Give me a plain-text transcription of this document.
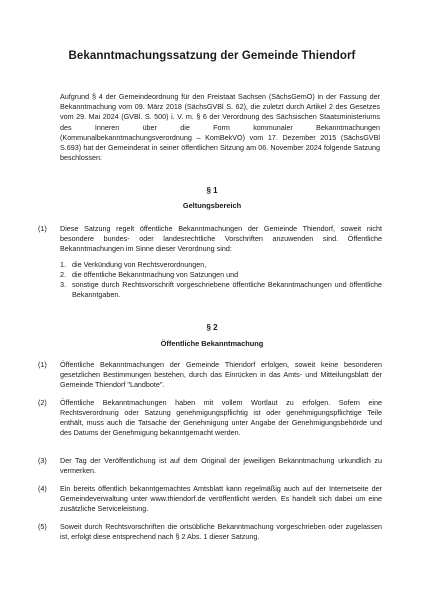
Bekanntmachungssatzung der Gemeinde Thiendorf
Aufgrund § 4 der Gemeindeordnung für den Freistaat Sachsen (SächsGemO) in der Fassung der Bekanntmachung vom 09. März 2018 (SächsGVBl S. 62), die zuletzt durch Artikel 2 des Gesetzes vom 29. Mai 2024 (GVBl. S. 500) i. V. m. § 6 der Verordnung des Sächsischen Staatsministeriums des Inneren über die Form kommunaler Bekanntmachungen (Kommunalbekanntmachungsverordnung – KomBekVO) vom 17. Dezember 2015 (SächsGVBl S.693) hat der Gemeinderat in seiner öffentlichen Sitzung am 06. November 2024 folgende Satzung beschlossen:
§ 1
Geltungsbereich
(1)	Diese Satzung regelt öffentliche Bekanntmachungen der Gemeinde Thiendorf, soweit nicht besondere bundes- oder landesrechtliche Vorschriften anzuwenden sind. Öffentliche Bekanntmachungen im Sinne dieser Verordnung sind:
1. die Verkündung von Rechtsverordnungen,
2. die öffentliche Bekanntmachung von Satzungen und
3. sonstige durch Rechtsvorschrift vorgeschriebene öffentliche Bekanntmachungen und öffentliche Bekanntgaben.
§ 2
Öffentliche Bekanntmachung
(1)	Öffentliche Bekanntmachungen der Gemeinde Thiendorf erfolgen, soweit keine besonderen gesetzlichen Bestimmungen bestehen, durch das Einrücken in das Amts- und Mitteilungsblatt der Gemeinde Thiendorf "Landbote".
(2)	Öffentliche Bekanntmachungen haben mit vollem Wortlaut zu erfolgen. Sofern eine Rechtsverordnung oder Satzung genehmigungspflichtig ist oder genehmigungspflichtige Teile enthält, muss auch die Tatsache der Genehmigung unter Angabe der Genehmigungsbehörde und des Datums der Genehmigung bekanntgemacht werden.
(3)	Der Tag der Veröffentlichung ist auf dem Original der jeweiligen Bekanntmachung urkundlich zu vermerken.
(4)	Ein bereits öffentlich bekanntgemachtes Amtsblatt kann regelmäßig auch auf der Internetseite der Gemeindeverwaltung unter www.thiendorf.de veröffentlicht werden. Es handelt sich dabei um eine zusätzliche Serviceleistung.
(5)	Soweit durch Rechtsvorschriften die ortsübliche Bekanntmachung vorgeschrieben oder zugelassen ist, erfolgt diese entsprechend nach § 2 Abs. 1 dieser Satzung.
